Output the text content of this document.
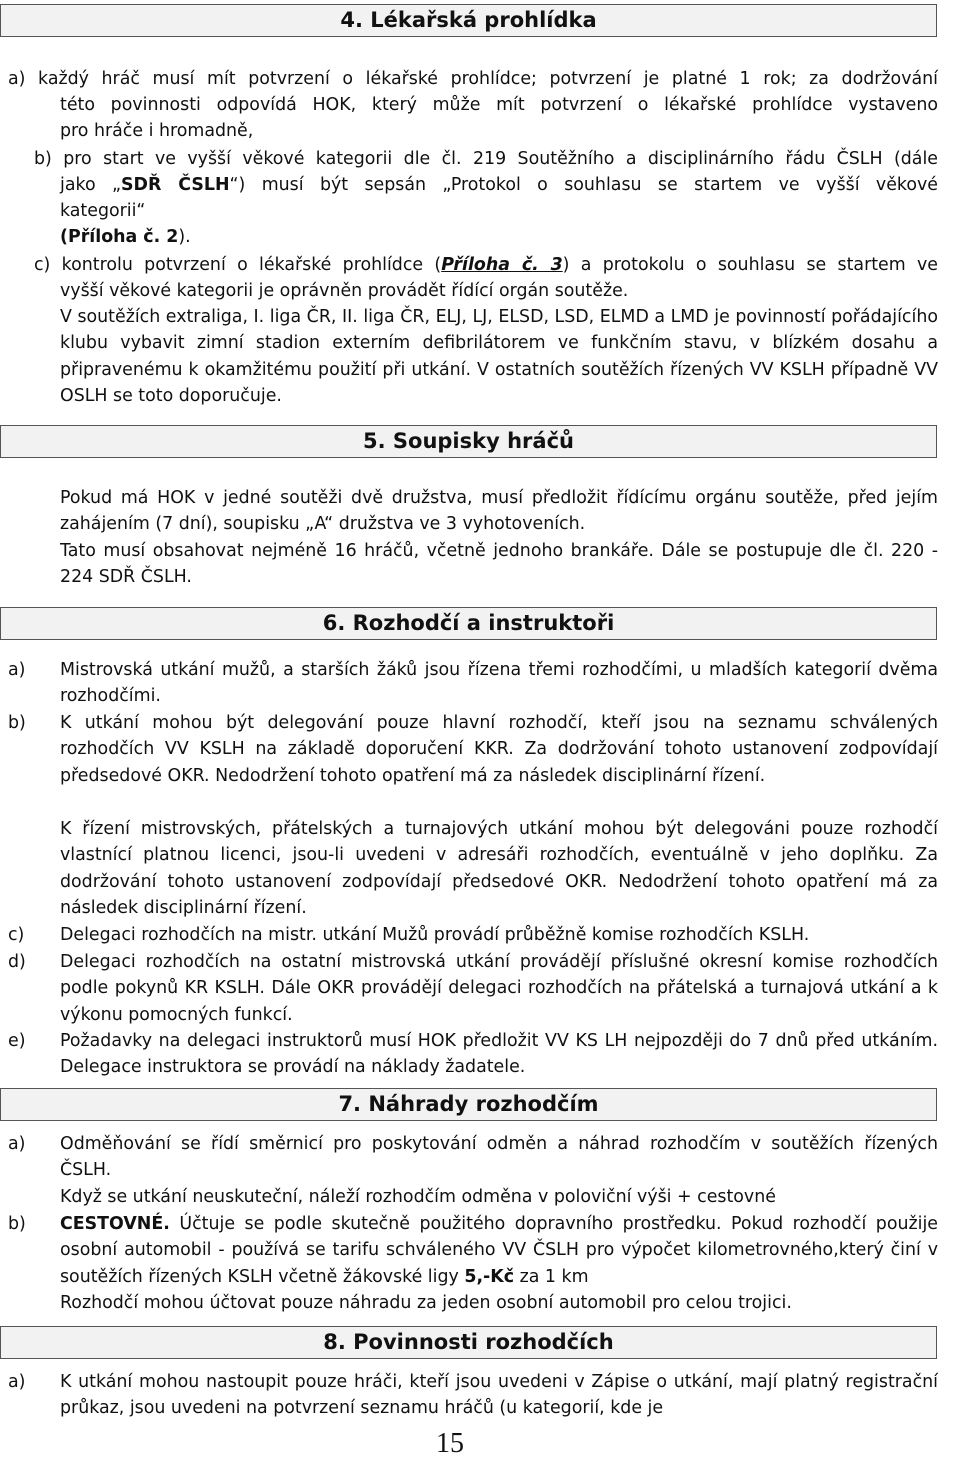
4. Lékařská prohlídka
a) každý hráč musí mít potvrzení o lékařské prohlídce; potvrzení je platné 1 rok; za dodržování
této povinnosti odpovídá HOK, který může mít potvrzení o lékařské prohlídce vystaveno
pro hráče i hromadně,
b) pro start ve vyšší věkové kategorii dle čl. 219 Soutěžního a disciplinárního řádu ČSLH (dále
jako „SDŘ ČSLH“) musí být sepsán „Protokol o souhlasu se startem ve vyšší věkové
kategorii“
(Příloha č. 2).
c) kontrolu potvrzení o lékařské prohlídce (Příloha č. 3) a protokolu o souhlasu se startem ve
vyšší věkové kategorii je oprávněn provádět řídící orgán soutěže.
V soutěžích extraliga, I. liga ČR, II. liga ČR, ELJ, LJ, ELSD, LSD, ELMD a LMD je povinností pořádajícího klubu vybavit zimní stadion externím defibrilátorem ve funkčním stavu, v blízkém dosahu a připravenému k okamžitému použití při utkání. V ostatních soutěžích řízených VV KSLH případně VV OSLH se toto doporučuje.
5. Soupisky hráčů
Pokud má HOK v jedné soutěži dvě družstva, musí předložit řídícímu orgánu soutěže, před jejím zahájením (7 dní), soupisku „A“ družstva ve 3 vyhotoveních.
Tato musí obsahovat nejméně 16 hráčů, včetně jednoho brankáře. Dále se postupuje dle čl. 220 - 224 SDŘ ČSLH.
6. Rozhodčí a instruktoři
a) Mistrovská utkání mužů, a starších žáků jsou řízena třemi rozhodčími, u mladších kategorií dvěma rozhodčími.
b) K utkání mohou být delegování pouze hlavní rozhodčí, kteří jsou na seznamu schválených rozhodčích VV KSLH na základě doporučení KKR. Za dodržování tohoto ustanovení zodpovídají předsedové OKR. Nedodržení tohoto opatření má za následek disciplinární řízení.
K řízení mistrovských, přátelských a turnajových utkání mohou být delegováni pouze rozhodčí vlastnící platnou licenci, jsou-li uvedeni v adresáři rozhodčích, eventuálně v jeho doplňku. Za dodržování tohoto ustanovení zodpovídají předsedové OKR. Nedodržení tohoto opatření má za následek disciplinární řízení.
c) Delegaci rozhodčích na mistr. utkání Mužů provádí průběžně komise rozhodčích KSLH.
d) Delegaci rozhodčích na ostatní mistrovská utkání provádějí příslušné okresní komise rozhodčích podle pokynů KR KSLH. Dále OKR provádějí delegaci rozhodčích na přátelská a turnajová utkání a k výkonu pomocných funkcí.
e) Požadavky na delegaci instruktorů musí HOK předložit VV KS LH nejpozději do 7 dnů před utkáním. Delegace instruktora se provádí na náklady žadatele.
7. Náhrady rozhodčím
a) Odměňování se řídí směrnicí pro poskytování odměn a náhrad rozhodčím v soutěžích řízených ČSLH.
Když se utkání neuskuteční, náleží rozhodčím odměna v poloviční výši + cestovné
b) CESTOVNÉ. Účtuje se podle skutečně použitého dopravního prostředku. Pokud rozhodčí použije osobní automobil - používá se tarifu schváleného VV ČSLH pro výpočet kilometrovného,který činí v soutěžích řízených KSLH včetně žákovské ligy 5,-Kč za 1 km
Rozhodčí mohou účtovat pouze náhradu za jeden osobní automobil pro celou trojici.
8. Povinnosti rozhodčích
a) K utkání mohou nastoupit pouze hráči, kteří jsou uvedeni v Zápise o utkání, mají platný registrační průkaz, jsou uvedeni na potvrzení seznamu hráčů (u kategorií, kde je
15
